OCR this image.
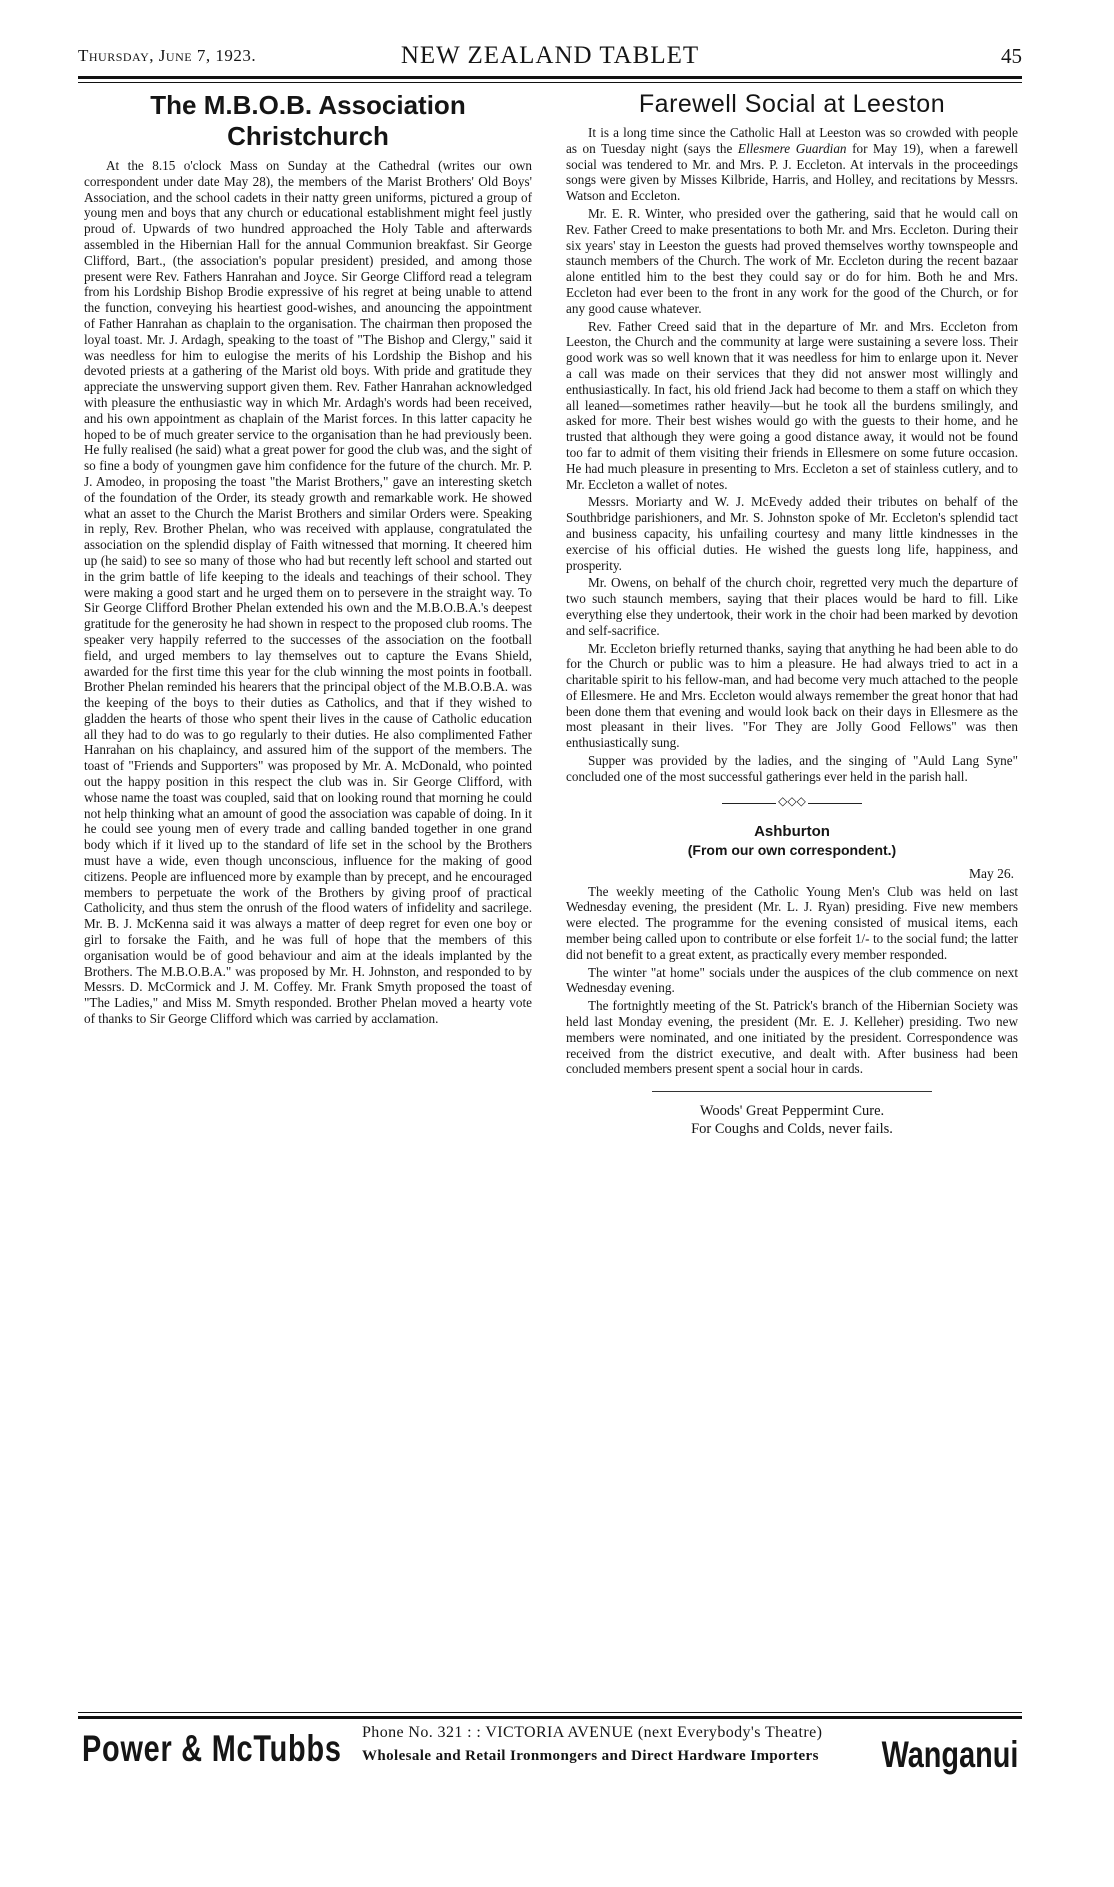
Thursday, June 7, 1923.	NEW ZEALAND TABLET	45
The M.B.O.B. Association Christchurch

At the 8.15 o'clock Mass on Sunday at the Cathedral (writes our own correspondent under date May 28), the members of the Marist Brothers' Old Boys' Association, and the school cadets in their natty green uniforms, pictured a group of young men and boys that any church or educational establishment might feel justly proud of. Upwards of two hundred approached the Holy Table and afterwards assembled in the Hibernian Hall for the annual Communion breakfast. Sir George Clifford, Bart., (the association's popular president) presided, and among those present were Rev. Fathers Hanrahan and Joyce. Sir George Clifford read a telegram from his Lordship Bishop Brodie expressive of his regret at being unable to attend the function, conveying his heartiest good-wishes, and anouncing the appointment of Father Hanrahan as chaplain to the organisation. The chairman then proposed the loyal toast. Mr. J. Ardagh, speaking to the toast of "The Bishop and Clergy," said it was needless for him to eulogise the merits of his Lordship the Bishop and his devoted priests at a gathering of the Marist old boys. With pride and gratitude they appreciate the unswerving support given them. Rev. Father Hanrahan acknowledged with pleasure the enthusiastic way in which Mr. Ardagh's words had been received, and his own appointment as chaplain of the Marist forces. In this latter capacity he hoped to be of much greater service to the organisation than he had previously been. He fully realised (he said) what a great power for good the club was, and the sight of so fine a body of youngmen gave him confidence for the future of the church. Mr. P. J. Amodeo, in proposing the toast "the Marist Brothers," gave an interesting sketch of the foundation of the Order, its steady growth and remarkable work. He showed what an asset to the Church the Marist Brothers and similar Orders were. Speaking in reply, Rev. Brother Phelan, who was received with applause, congratulated the association on the splendid display of Faith witnessed that morning. It cheered him up (he said) to see so many of those who had but recently left school and started out in the grim battle of life keeping to the ideals and teachings of their school. They were making a good start and he urged them on to persevere in the straight way. To Sir George Clifford Brother Phelan extended his own and the M.B.O.B.A.'s deepest gratitude for the generosity he had shown in respect to the proposed club rooms. The speaker very happily referred to the successes of the association on the football field, and urged members to lay themselves out to capture the Evans Shield, awarded for the first time this year for the club winning the most points in football. Brother Phelan reminded his hearers that the principal object of the M.B.O.B.A. was the keeping of the boys to their duties as Catholics, and that if they wished to gladden the hearts of those who spent their lives in the cause of Catholic education all they had to do was to go regularly to their duties. He also complimented Father Hanrahan on his chaplaincy, and assured him of the support of the members. The toast of "Friends and Supporters" was proposed by Mr. A. McDonald, who pointed out the happy position in this respect the club was in. Sir George Clifford, with whose name the toast was coupled, said that on looking round that morning he could not help thinking what an amount of good the association was capable of doing. In it he could see young men of every trade and calling banded together in one grand body which if it lived up to the standard of life set in the school by the Brothers must have a wide, even though unconscious, influence for the making of good citizens. People are influenced more by example than by precept, and he encouraged members to perpetuate the work of the Brothers by giving proof of practical Catholicity, and thus stem the onrush of the flood waters of infidelity and sacrilege. Mr. B. J. McKenna said it was always a matter of deep regret for even one boy or girl to forsake the Faith, and he was full of hope that the members of this organisation would be of good behaviour and aim at the ideals implanted by the Brothers. The M.B.O.B.A." was proposed by Mr. H. Johnston, and responded to by Messrs. D. McCormick and J. M. Coffey. Mr. Frank Smyth proposed the toast of "The Ladies," and Miss M. Smyth responded. Brother Phelan moved a hearty vote of thanks to Sir George Clifford which was carried by acclamation.

Farewell Social at Leeston

It is a long time since the Catholic Hall at Leeston was so crowded with people as on Tuesday night (says the Ellesmere Guardian for May 19), when a farewell social was tendered to Mr. and Mrs. P. J. Eccleton. At intervals in the proceedings songs were given by Misses Kilbride, Harris, and Holley, and recitations by Messrs. Watson and Eccleton.

Mr. E. R. Winter, who presided over the gathering, said that he would call on Rev. Father Creed to make presentations to both Mr. and Mrs. Eccleton. During their six years' stay in Leeston the guests had proved themselves worthy townspeople and staunch members of the Church. The work of Mr. Eccleton during the recent bazaar alone entitled him to the best they could say or do for him. Both he and Mrs. Eccleton had ever been to the front in any work for the good of the Church, or for any good cause whatever.

Rev. Father Creed said that in the departure of Mr. and Mrs. Eccleton from Leeston, the Church and the community at large were sustaining a severe loss. Their good work was so well known that it was needless for him to enlarge upon it. Never a call was made on their services that they did not answer most willingly and enthusiastically. In fact, his old friend Jack had become to them a staff on which they all leaned—sometimes rather heavily—but he took all the burdens smilingly, and asked for more. Their best wishes would go with the guests to their home, and he trusted that although they were going a good distance away, it would not be found too far to admit of them visiting their friends in Ellesmere on some future occasion. He had much pleasure in presenting to Mrs. Eccleton a set of stainless cutlery, and to Mr. Eccleton a wallet of notes.

Messrs. Moriarty and W. J. McEvedy added their tributes on behalf of the Southbridge parishioners, and Mr. S. Johnston spoke of Mr. Eccleton's splendid tact and business capacity, his unfailing courtesy and many little kindnesses in the exercise of his official duties. He wished the guests long life, happiness, and prosperity.

Mr. Owens, on behalf of the church choir, regretted very much the departure of two such staunch members, saying that their places would be hard to fill. Like everything else they undertook, their work in the choir had been marked by devotion and self-sacrifice.

Mr. Eccleton briefly returned thanks, saying that anything he had been able to do for the Church or public was to him a pleasure. He had always tried to act in a charitable spirit to his fellow-man, and had become very much attached to the people of Ellesmere. He and Mrs. Eccleton would always remember the great honor that had been done them that evening and would look back on their days in Ellesmere as the most pleasant in their lives. "For They are Jolly Good Fellows" was then enthusiastically sung.

Supper was provided by the ladies, and the singing of "Auld Lang Syne" concluded one of the most successful gatherings ever held in the parish hall.

◇◇◇
Ashburton
(From our own correspondent.)
May 26.

The weekly meeting of the Catholic Young Men's Club was held on last Wednesday evening, the president (Mr. L. J. Ryan) presiding. Five new members were elected. The programme for the evening consisted of musical items, each member being called upon to contribute or else forfeit 1/- to the social fund; the latter did not benefit to a great extent, as practically every member responded.

The winter "at home" socials under the auspices of the club commence on next Wednesday evening.

The fortnightly meeting of the St. Patrick's branch of the Hibernian Society was held last Monday evening, the president (Mr. E. J. Kelleher) presiding. Two new members were nominated, and one initiated by the president. Correspondence was received from the district executive, and dealt with. After business had been concluded members present spent a social hour in cards.

Woods' Great Peppermint Cure.
For Coughs and Colds, never fails.
Power & McTubbs Phone No. 321 : : VICTORIA AVENUE (next Everybody's Theatre)
Wholesale and Retail Ironmongers and Direct Hardware Importers	Wanganui
